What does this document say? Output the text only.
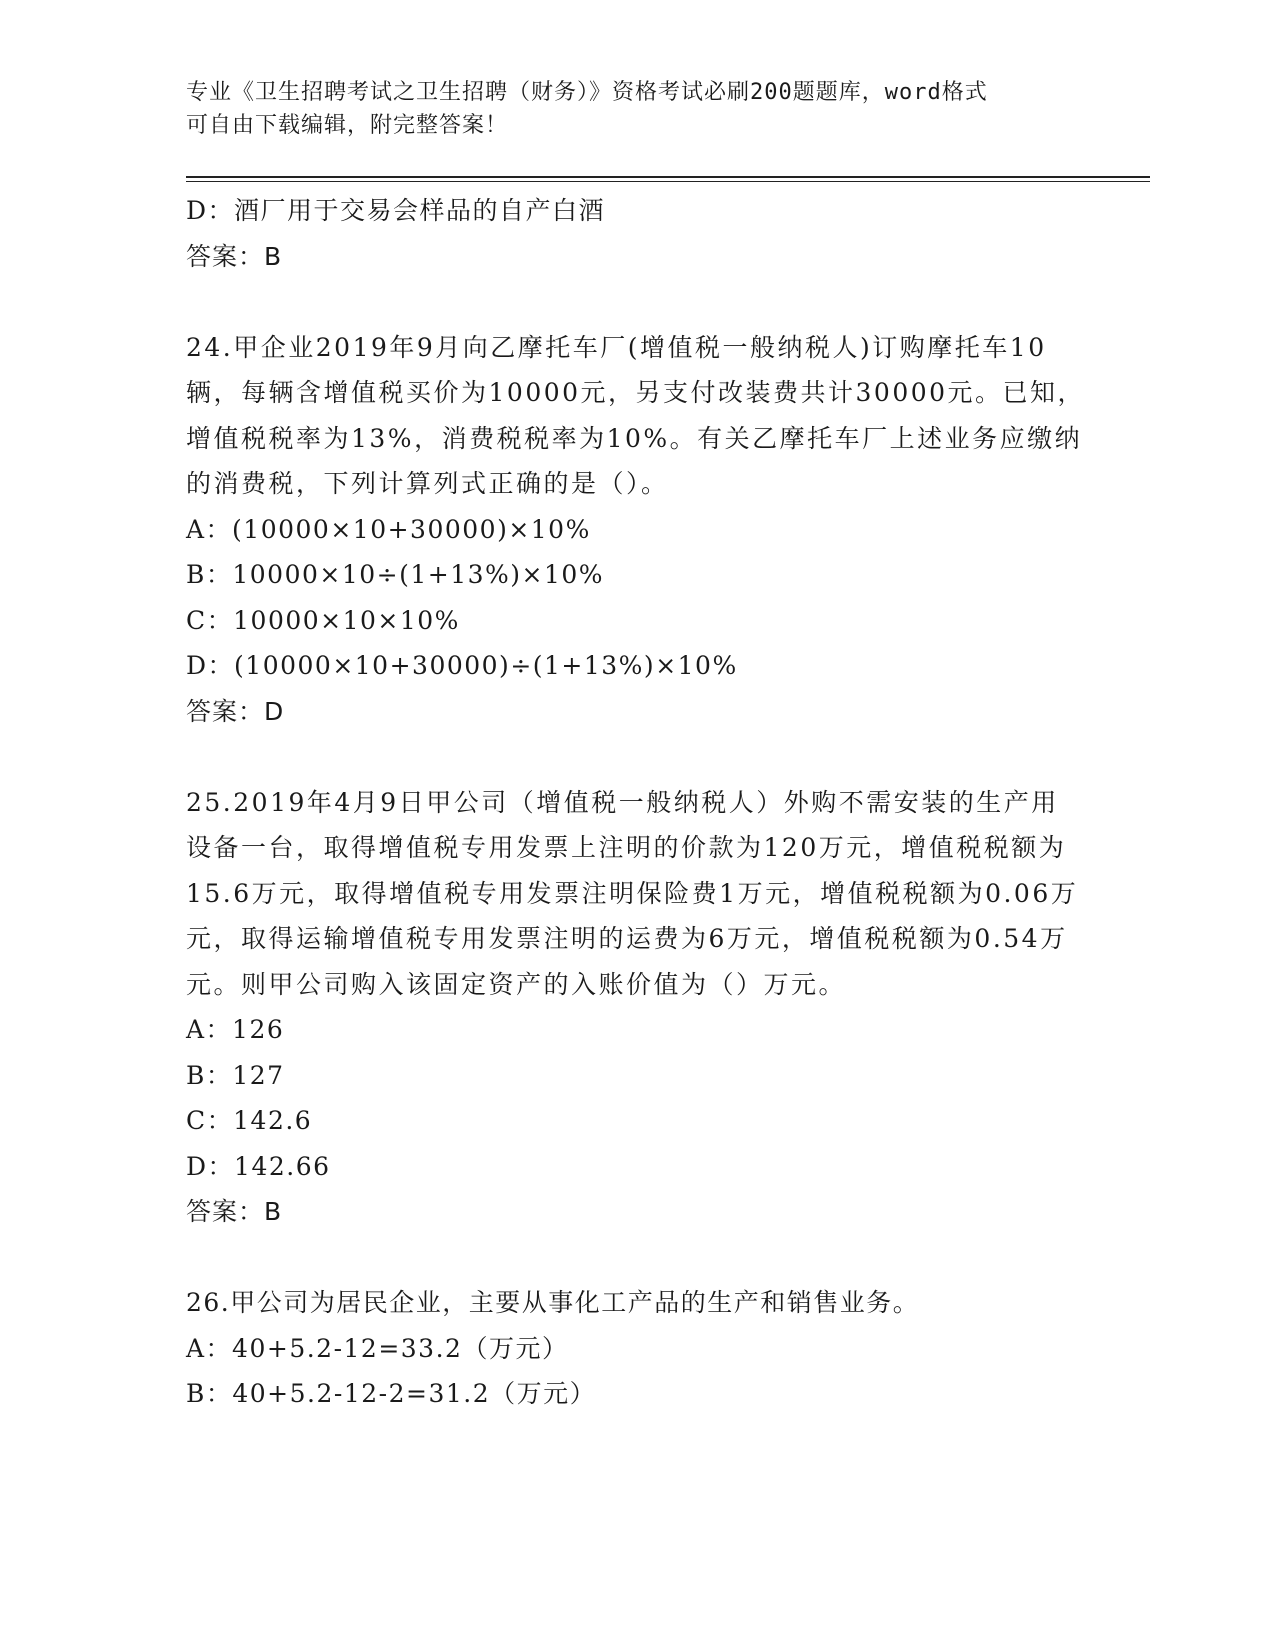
专业《卫生招聘考试之卫生招聘（财务）》资格考试必刷200题题库，word格式
可自由下载编辑，附完整答案！
D：酒厂用于交易会样品的自产白酒
答案：B
24.甲企业2019年9月向乙摩托车厂(增值税一般纳税人)订购摩托车10辆，每辆含增值税买价为10000元，另支付改装费共计30000元。已知，增值税税率为13%，消费税税率为10%。有关乙摩托车厂上述业务应缴纳的消费税，下列计算列式正确的是（）。
A：(10000×10+30000)×10%
B：10000×10÷(1+13%)×10%
C：10000×10×10%
D：(10000×10+30000)÷(1+13%)×10%
答案：D
25.2019年4月9日甲公司（增值税一般纳税人）外购不需安装的生产用设备一台，取得增值税专用发票上注明的价款为120万元，增值税税额为15.6万元，取得增值税专用发票注明保险费1万元，增值税税额为0.06万元，取得运输增值税专用发票注明的运费为6万元，增值税税额为0.54万元。则甲公司购入该固定资产的入账价值为（）万元。
A：126
B：127
C：142.6
D：142.66
答案：B
26.甲公司为居民企业，主要从事化工产品的生产和销售业务。
A：40+5.2-12=33.2（万元）
B：40+5.2-12-2=31.2（万元）
